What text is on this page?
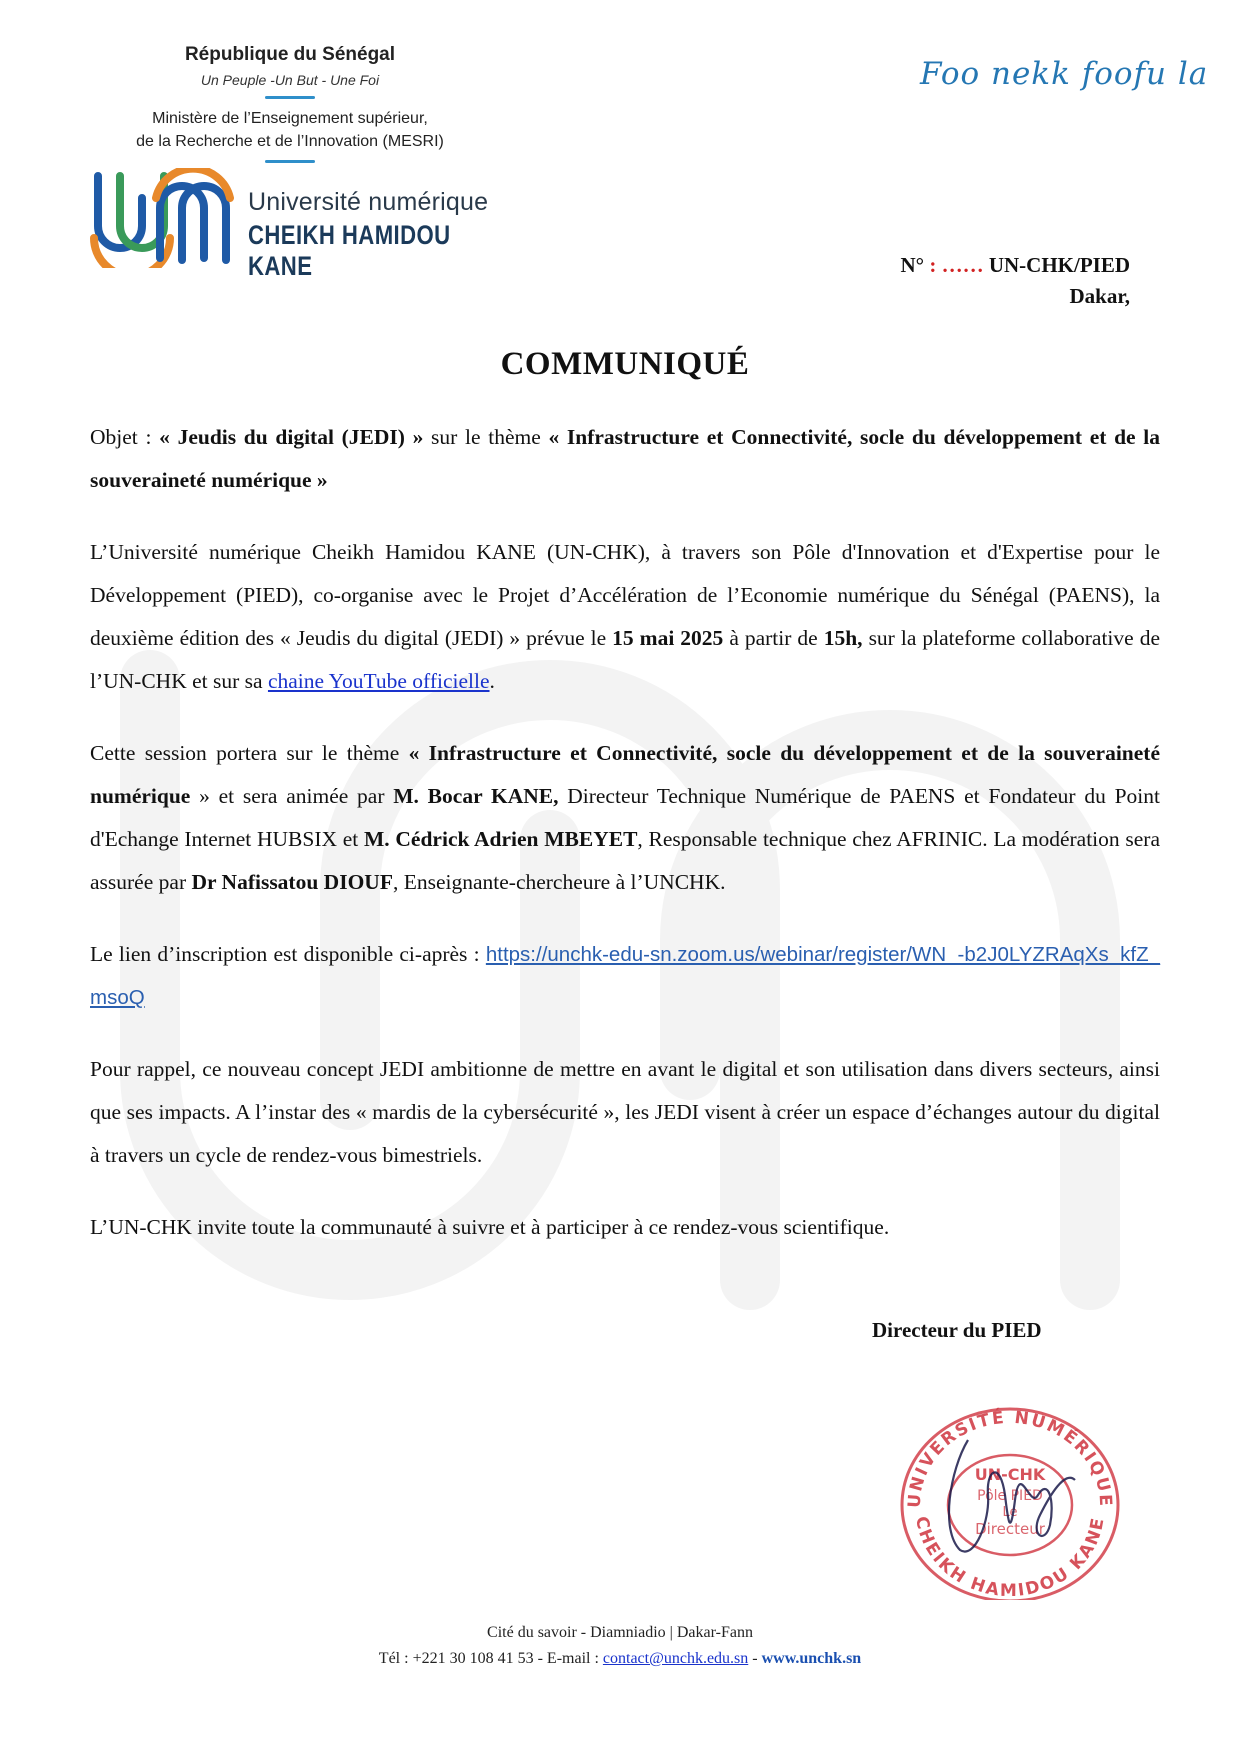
République du Sénégal
Un Peuple -Un But - Une Foi
Ministère de l’Enseignement supérieur,
de la Recherche et de l’Innovation (MESRI)
Université numérique
CHEIKH HAMIDOU KANE
Foo nekk foofu la
N° : …… UN-CHK/PIED
Dakar,
COMMUNIQUÉ

Objet : « Jeudis du digital (JEDI) » sur le thème « Infrastructure et Connectivité, socle du développement et de la souveraineté numérique »

L’Université numérique Cheikh Hamidou KANE (UN-CHK), à travers son Pôle d'Innovation et d'Expertise pour le Développement (PIED), co-organise avec le Projet d’Accélération de l’Economie numérique du Sénégal (PAENS), la deuxième édition des « Jeudis du digital (JEDI) » prévue le 15 mai 2025 à partir de 15h, sur la plateforme collaborative de l’UN-CHK et sur sa chaine YouTube officielle.

Cette session portera sur le thème « Infrastructure et Connectivité, socle du développement et de la souveraineté numérique » et sera animée par M. Bocar KANE, Directeur Technique Numérique de PAENS et Fondateur du Point d'Echange Internet HUBSIX et M. Cédrick Adrien MBEYET, Responsable technique chez AFRINIC. La modération sera assurée par Dr Nafissatou DIOUF, Enseignante-chercheure à l’UNCHK.

Le lien d’inscription est disponible ci-après : https://unchk-edu-sn.zoom.us/webinar/register/WN_-b2J0LYZRAqXs_kfZ_msoQ

Pour rappel, ce nouveau concept JEDI ambitionne de mettre en avant le digital et son utilisation dans divers secteurs, ainsi que ses impacts. A l’instar des « mardis de la cybersécurité », les JEDI visent à créer un espace d’échanges autour du digital à travers un cycle de rendez-vous bimestriels.

L’UN-CHK invite toute la communauté à suivre et à participer à ce rendez-vous scientifique.

Directeur du PIED
UNIVERSITÉ NUMÉRIQUE
CHEIKH HAMIDOU KANE
UN-CHK
Pôle PIED
Le
Directeur
Cité du savoir - Diamniadio | Dakar-Fann
Tél : +221 30 108 41 53 - E-mail : contact@unchk.edu.sn - www.unchk.sn
